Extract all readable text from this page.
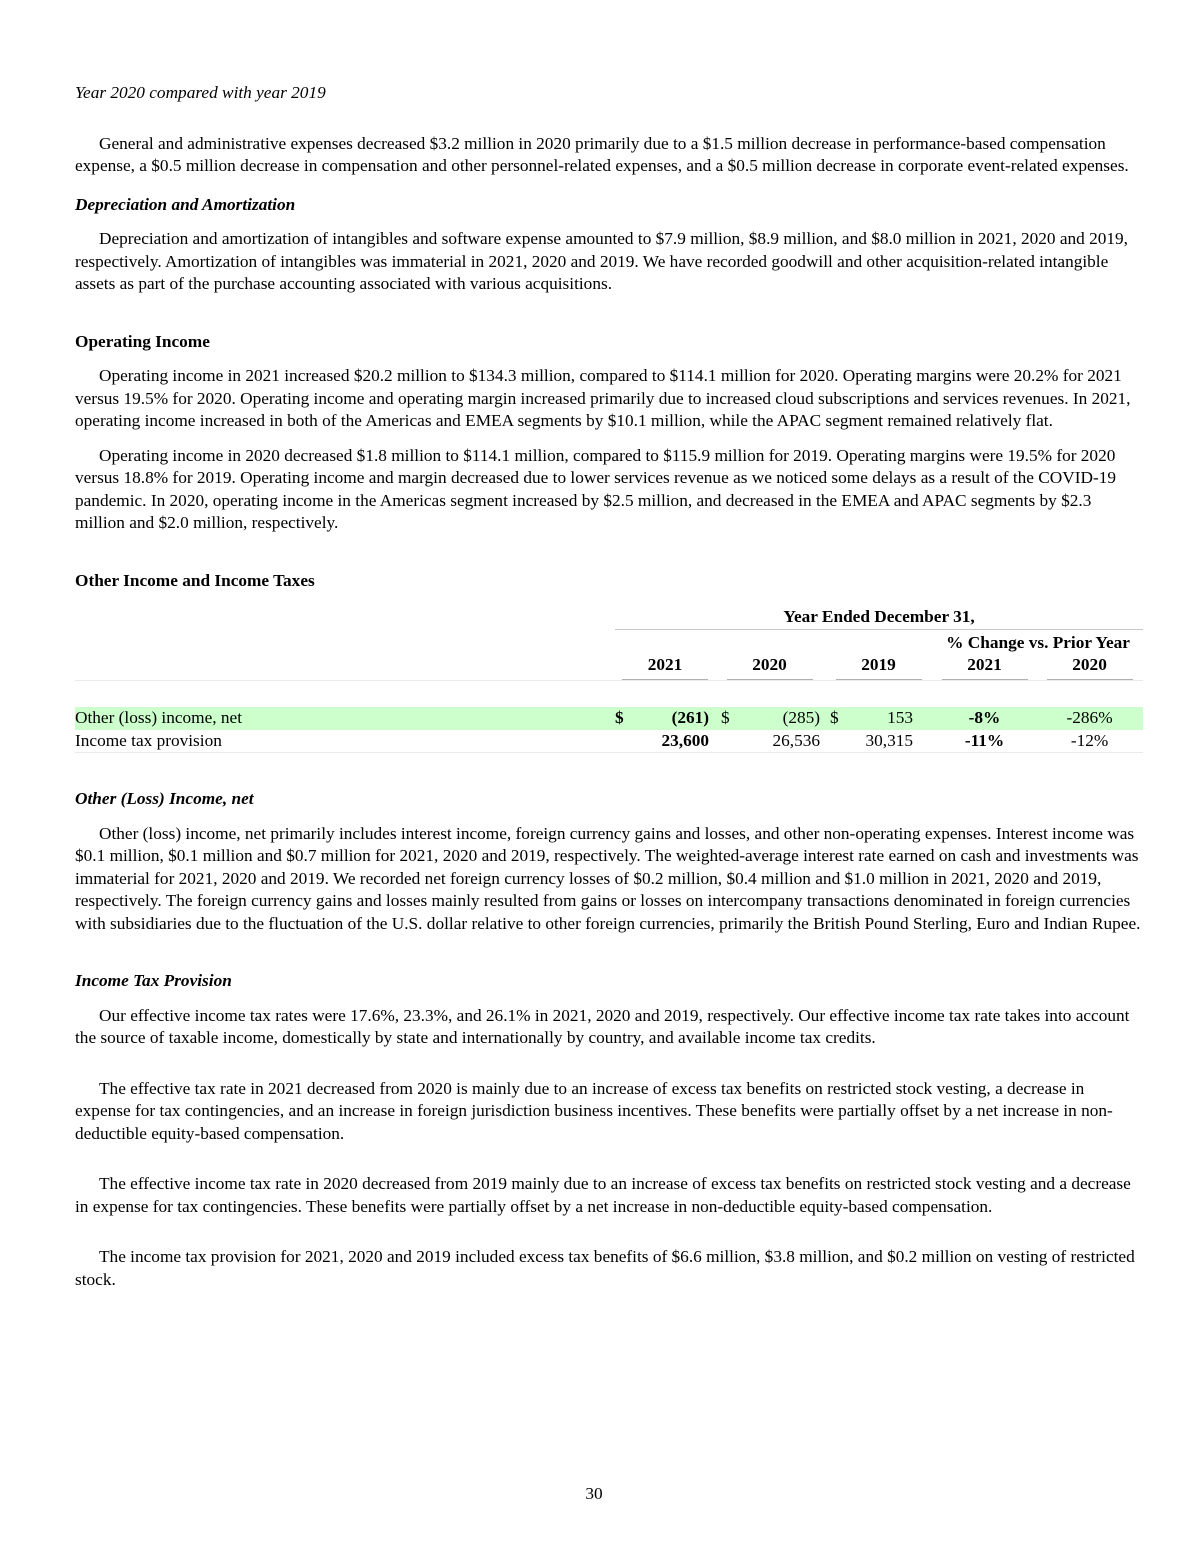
Year 2020 compared with year 2019

General and administrative expenses decreased $3.2 million in 2020 primarily due to a $1.5 million decrease in performance-based compensation expense, a $0.5 million decrease in compensation and other personnel-related expenses, and a $0.5 million decrease in corporate event-related expenses.

Depreciation and Amortization

Depreciation and amortization of intangibles and software expense amounted to $7.9 million, $8.9 million, and $8.0 million in 2021, 2020 and 2019, respectively. Amortization of intangibles was immaterial in 2021, 2020 and 2019. We have recorded goodwill and other acquisition-related intangible assets as part of the purchase accounting associated with various acquisitions.

Operating Income

Operating income in 2021 increased $20.2 million to $134.3 million, compared to $114.1 million for 2020. Operating margins were 20.2% for 2021 versus 19.5% for 2020. Operating income and operating margin increased primarily due to increased cloud subscriptions and services revenues. In 2021, operating income increased in both of the Americas and EMEA segments by $10.1 million, while the APAC segment remained relatively flat.

Operating income in 2020 decreased $1.8 million to $114.1 million, compared to $115.9 million for 2019. Operating margins were 19.5% for 2020 versus 18.8% for 2019. Operating income and margin decreased due to lower services revenue as we noticed some delays as a result of the COVID-19 pandemic. In 2020, operating income in the Americas segment increased by $2.5 million, and decreased in the EMEA and APAC segments by $2.3 million and $2.0 million, respectively.

Other Income and Income Taxes

	Year Ended December 31,							
							% Change vs. Prior Year	
	2021		2020		2019		2021	2020

Other (loss) income, net	$	(261)	$	(285)	$	153	-8%	-286%
Income tax provision		23,600		26,536		30,315	-11%	-12%

Other (Loss) Income, net

Other (loss) income, net primarily includes interest income, foreign currency gains and losses, and other non-operating expenses. Interest income was $0.1 million, $0.1 million and $0.7 million for 2021, 2020 and 2019, respectively. The weighted-average interest rate earned on cash and investments was immaterial for 2021, 2020 and 2019. We recorded net foreign currency losses of $0.2 million, $0.4 million and $1.0 million in 2021, 2020 and 2019, respectively. The foreign currency gains and losses mainly resulted from gains or losses on intercompany transactions denominated in foreign currencies with subsidiaries due to the fluctuation of the U.S. dollar relative to other foreign currencies, primarily the British Pound Sterling, Euro and Indian Rupee.

Income Tax Provision

Our effective income tax rates were 17.6%, 23.3%, and 26.1% in 2021, 2020 and 2019, respectively. Our effective income tax rate takes into account the source of taxable income, domestically by state and internationally by country, and available income tax credits.

The effective tax rate in 2021 decreased from 2020 is mainly due to an increase of excess tax benefits on restricted stock vesting, a decrease in expense for tax contingencies, and an increase in foreign jurisdiction business incentives. These benefits were partially offset by a net increase in non-deductible equity-based compensation.

The effective income tax rate in 2020 decreased from 2019 mainly due to an increase of excess tax benefits on restricted stock vesting and a decrease in expense for tax contingencies. These benefits were partially offset by a net increase in non-deductible equity-based compensation.

The income tax provision for 2021, 2020 and 2019 included excess tax benefits of $6.6 million, $3.8 million, and $0.2 million on vesting of restricted stock.

30
